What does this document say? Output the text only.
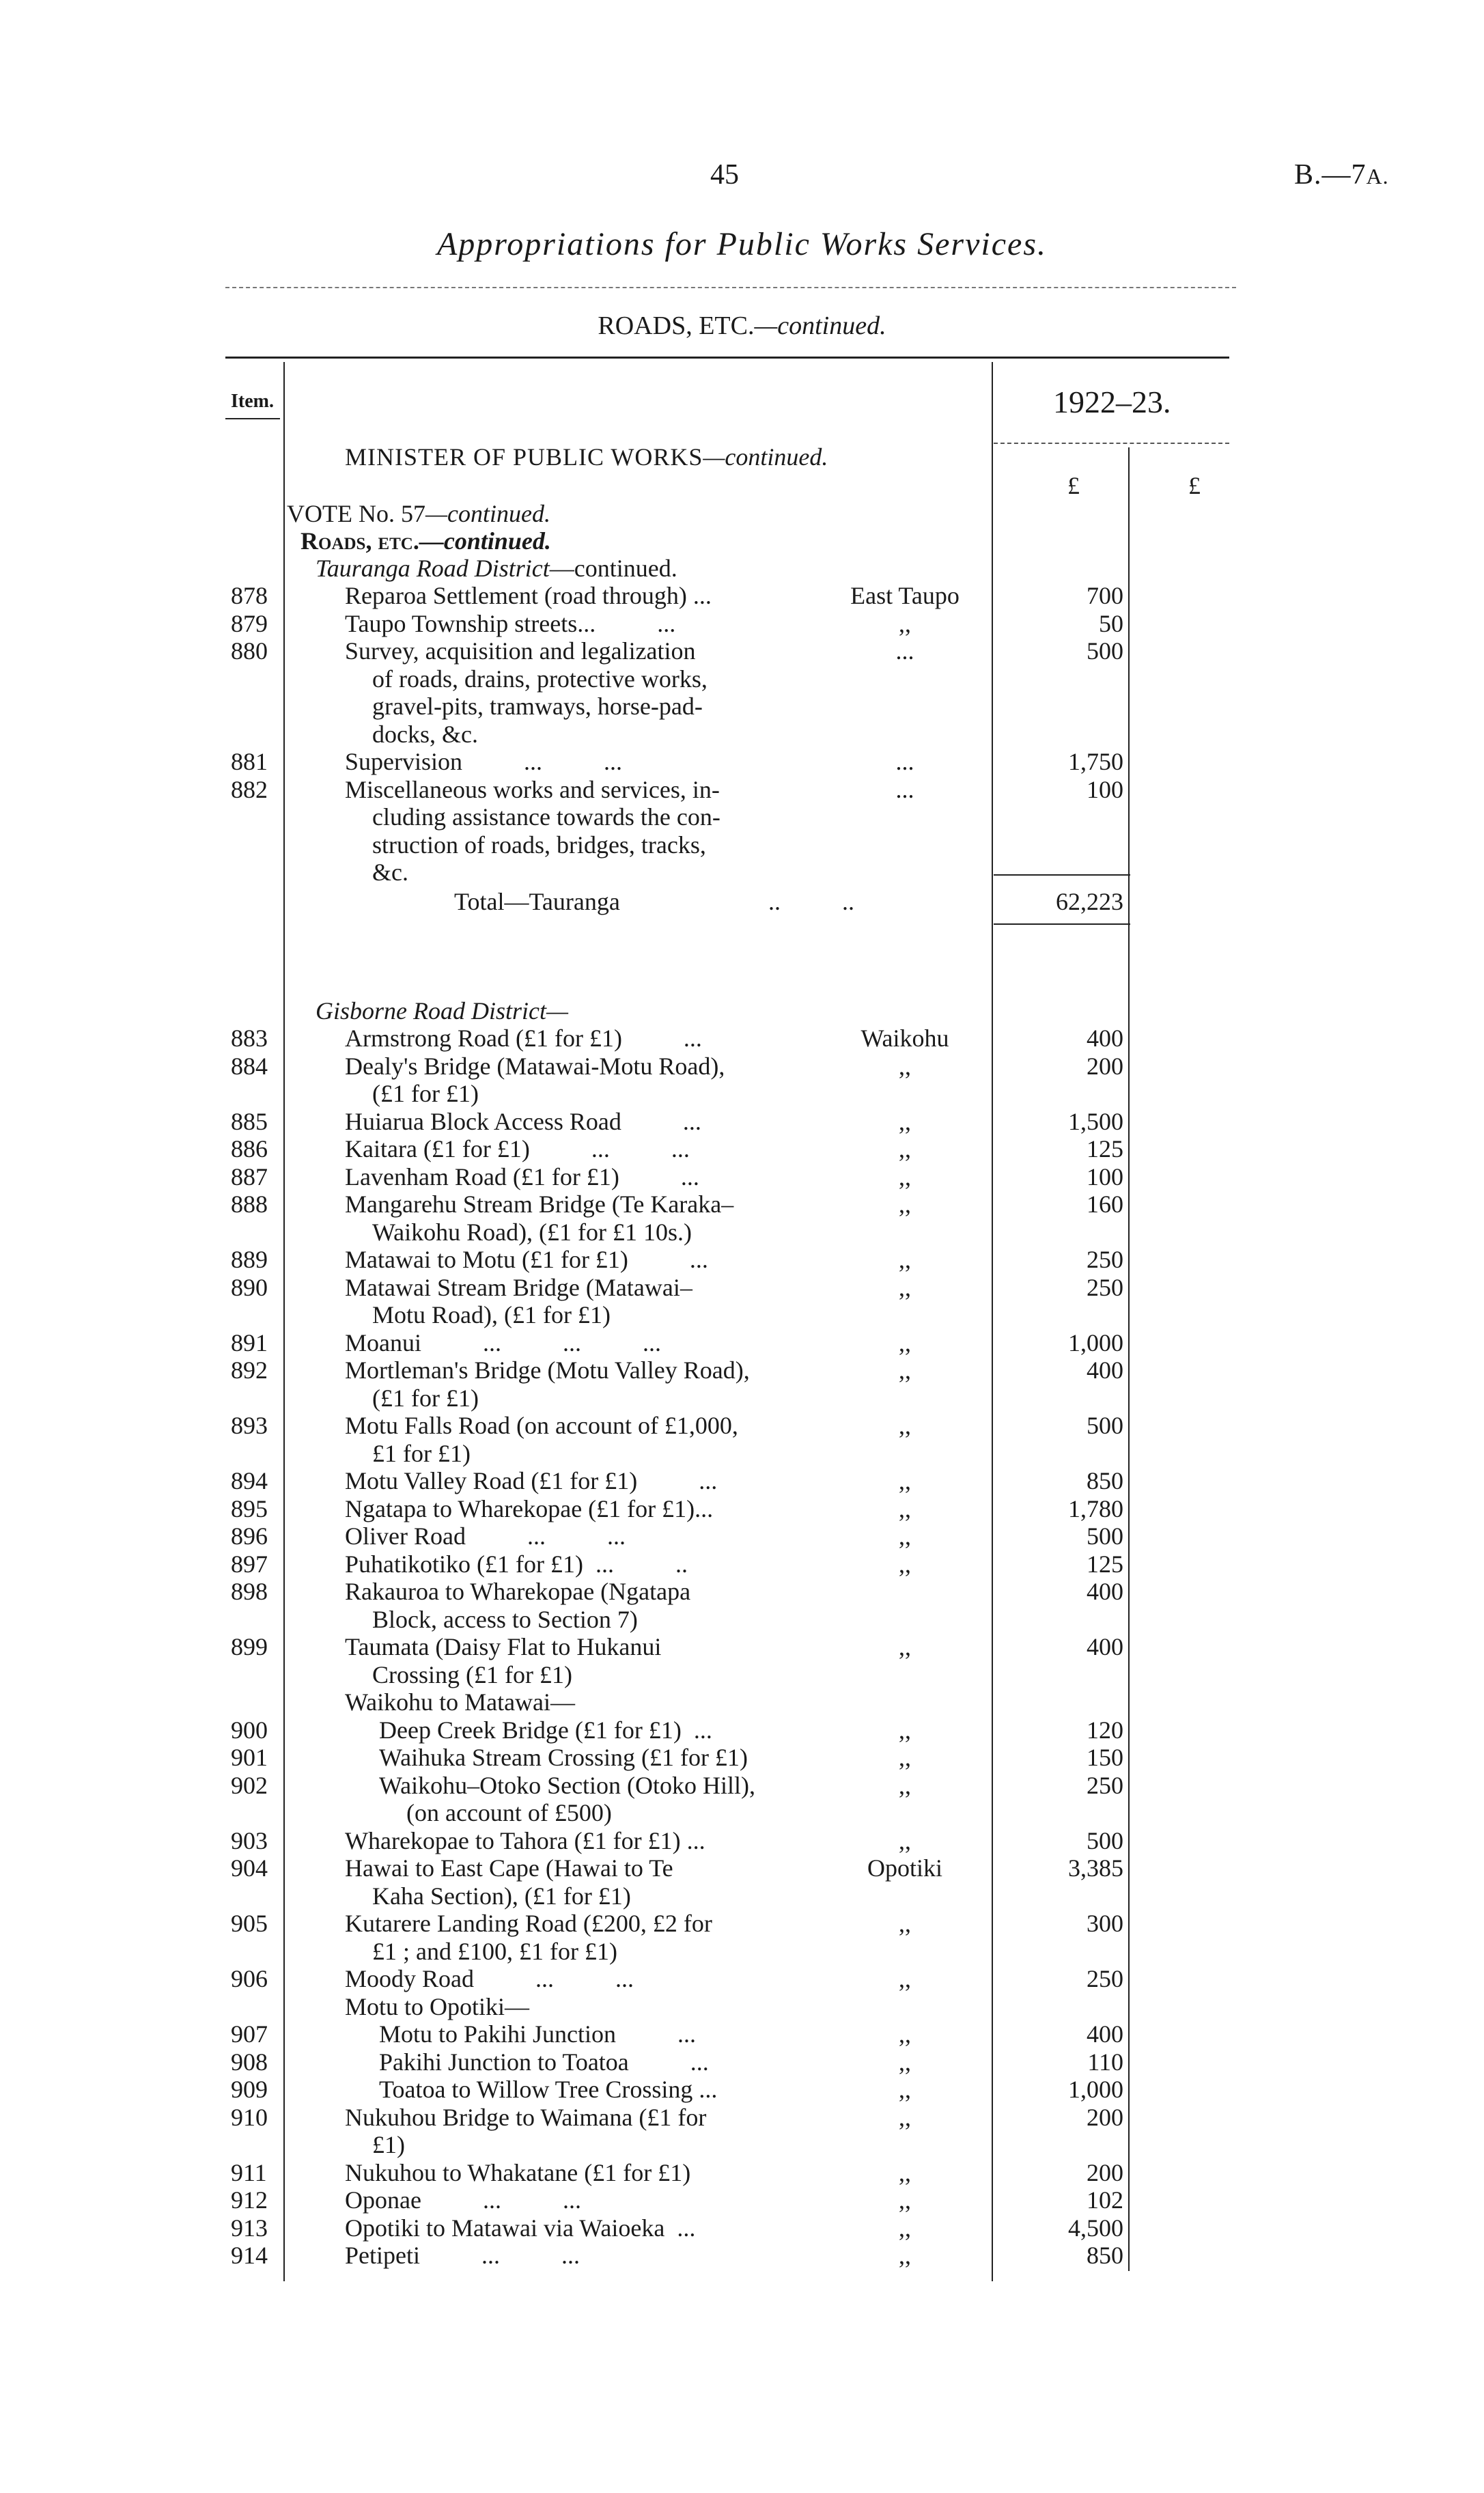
45	B.—7A.
Appropriations for Public Works Services.
ROADS, ETC.—continued.
Item.	1922–23.
£	£
MINISTER OF PUBLIC WORKS—continued.
VOTE No. 57—continued.
Roads, etc.—continued.
Tauranga Road District—continued.
878	Reparoa Settlement (road through) ...	East Taupo	700
879	Taupo Township streets...          ...	,,	50
880	Survey, acquisition and legalization
of roads, drains, protective works,
gravel-pits, tramways, horse-pad-
docks, &c.
...	500
881	Supervision          ...          ...	...	1,750
882	Miscellaneous works and services, in-
cluding assistance towards the con-
struction of roads, bridges, tracks,
&c.
...	100
Total—Tauranga	..          ..	62,223
Gisborne Road District—
883	Armstrong Road (£1 for £1)          ...	Waikohu	400
884	Dealy's Bridge (Matawai-Motu Road),
(£1 for £1)
,,	200
885	Huiarua Block Access Road          ...	,,	1,500
886	Kaitara (£1 for £1)          ...          ...	,,	125
887	Lavenham Road (£1 for £1)          ...	,,	100
888	Mangarehu Stream Bridge (Te Karaka–
Waikohu Road), (£1 for £1 10s.)
,,	160
889	Matawai to Motu (£1 for £1)          ...	,,	250
890	Matawai Stream Bridge (Matawai–
Motu Road), (£1 for £1)
,,	250
891	Moanui          ...          ...          ...	,,	1,000
892	Mortleman's Bridge (Motu Valley Road),
(£1 for £1)
,,	400
893	Motu Falls Road (on account of £1,000,
£1 for £1)
,,	500
894	Motu Valley Road (£1 for £1)          ...	,,	850
895	Ngatapa to Wharekopae (£1 for £1)...	,,	1,780
896	Oliver Road          ...          ...	,,	500
897	Puhatikotiko (£1 for £1)  ...          ..	,,	125
898	Rakauroa to Wharekopae (Ngatapa
Block, access to Section 7)
400
899	Taumata (Daisy Flat to Hukanui
Crossing (£1 for £1)
,,	400
Waikohu to Matawai—
900	Deep Creek Bridge (£1 for £1)  ...	,,	120
901	Waihuka Stream Crossing (£1 for £1)	,,	150
902	Waikohu–Otoko Section (Otoko Hill),
(on account of £500)
,,	250
903	Wharekopae to Tahora (£1 for £1) ...	,,	500
904	Hawai to East Cape (Hawai to Te
Kaha Section), (£1 for £1)
Opotiki	3,385
905	Kutarere Landing Road (£200, £2 for
£1 ; and £100, £1 for £1)
,,	300
906	Moody Road          ...          ...	,,	250
Motu to Opotiki—
907	Motu to Pakihi Junction          ...	,,	400
908	Pakihi Junction to Toatoa          ...	,,	110
909	Toatoa to Willow Tree Crossing ...	,,	1,000
910	Nukuhou Bridge to Waimana (£1 for
£1)
,,	200
911	Nukuhou to Whakatane (£1 for £1)	,,	200
912	Oponae          ...          ...	,,	102
913	Opotiki to Matawai via Waioeka  ...	,,	4,500
914	Petipeti          ...          ...	,,	850
